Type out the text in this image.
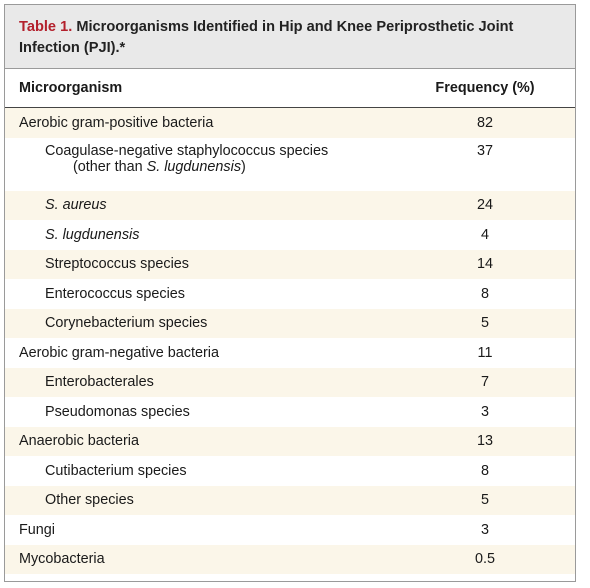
Table 1. Microorganisms Identified in Hip and Knee Periprosthetic Joint Infection (PJI).*

Microorganism	Frequency (%)
Aerobic gram-positive bacteria	82
Coagulase-negative staphylococcus species
(other than S. lugdunensis)	37
S. aureus	24
S. lugdunensis	4
Streptococcus species	14
Enterococcus species	8
Corynebacterium species	5
Aerobic gram-negative bacteria	11
Enterobacterales	7
Pseudomonas species	3
Anaerobic bacteria	13
Cutibacterium species	8
Other species	5
Fungi	3
Mycobacteria	0.5
